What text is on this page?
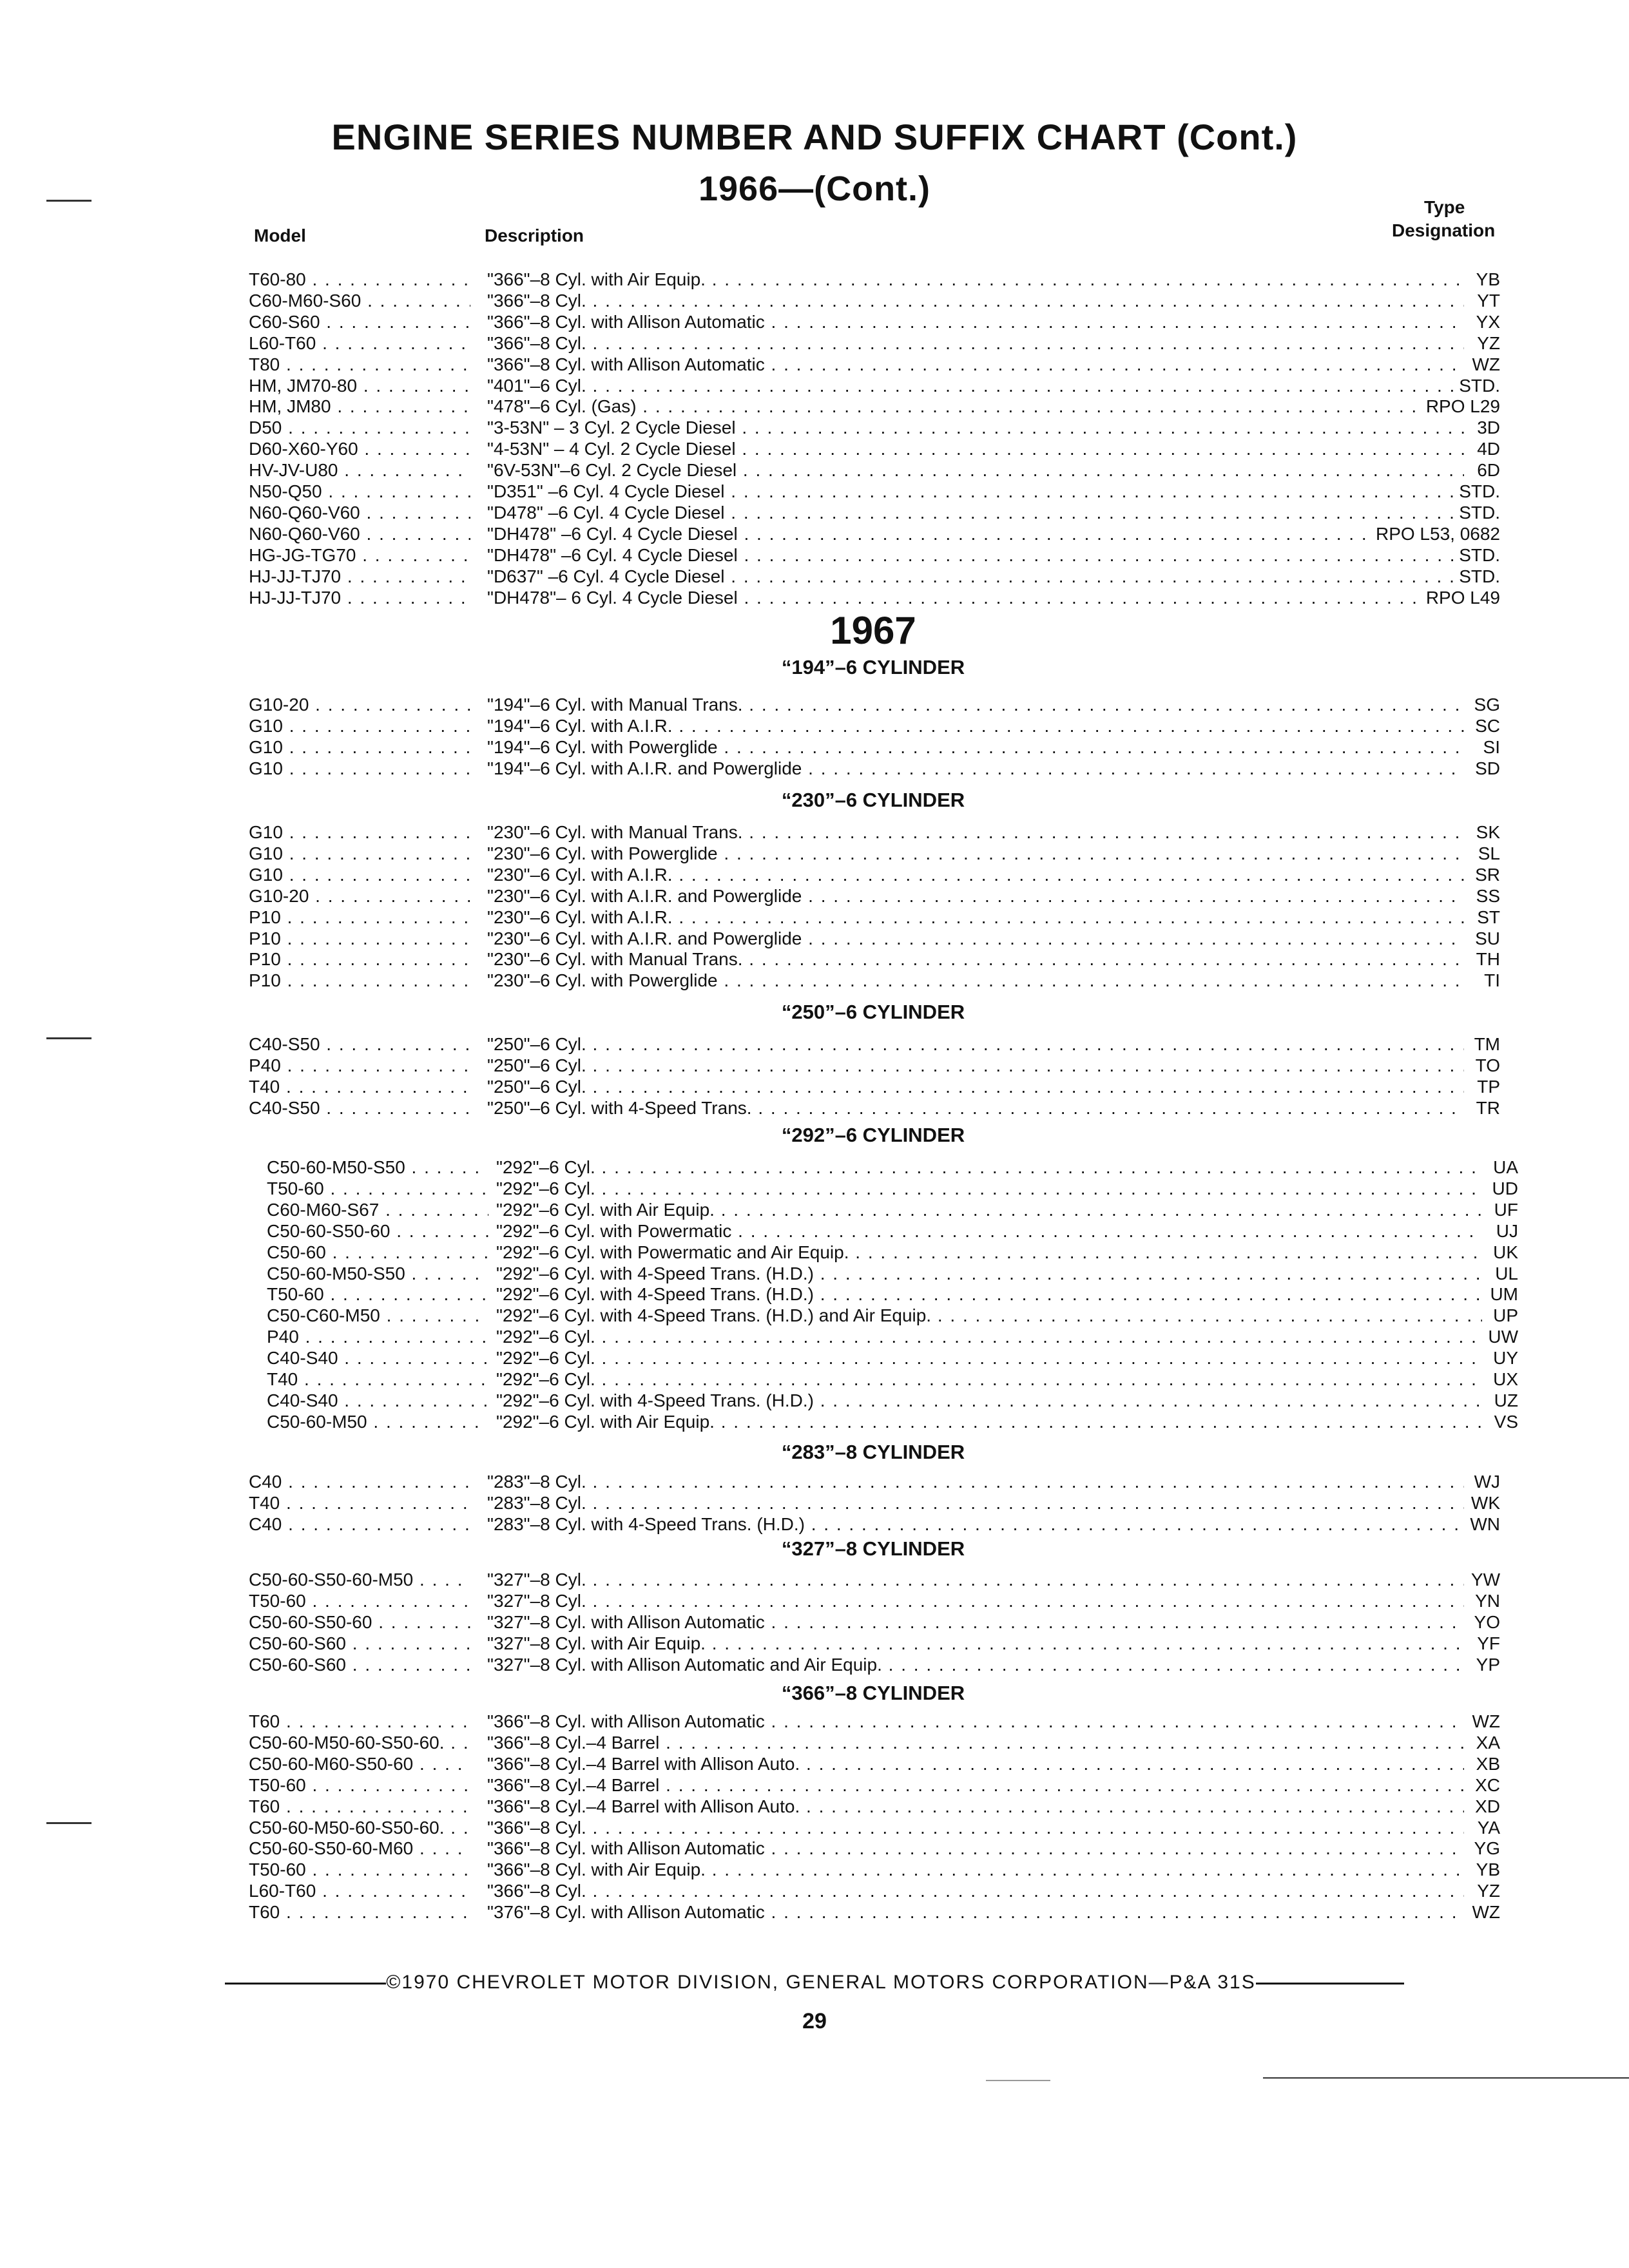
ENGINE SERIES NUMBER AND SUFFIX CHART (Cont.)
1966—(Cont.)
Model	Description
Type
Designation
T60-80 . . .	"366"–8 Cyl. with Air Equip. . . .	YB
C60-M60-S60 . . .	"366"–8 Cyl. . . .	YT
C60-S60 . . .	"366"–8 Cyl. with Allison Automatic . . .	YX
L60-T60 . . .	"366"–8 Cyl. . . .	YZ
T80 . . .	"366"–8 Cyl. with Allison Automatic . . .	WZ
HM, JM70-80 . . .	"401"–6 Cyl. . . .	STD.
HM, JM80 . . .	"478"–6 Cyl. (Gas) . . .	RPO L29
D50 . . .	"3-53N" – 3 Cyl. 2 Cycle Diesel . . .	3D
D60-X60-Y60 . . .	"4-53N" – 4 Cyl. 2 Cycle Diesel . . .	4D
HV-JV-U80 . . .	"6V-53N"–6 Cyl. 2 Cycle Diesel . . .	6D
N50-Q50 . . .	"D351" –6 Cyl. 4 Cycle Diesel . . .	STD.
N60-Q60-V60 . . .	"D478" –6 Cyl. 4 Cycle Diesel . . .	STD.
N60-Q60-V60 . . .	"DH478" –6 Cyl. 4 Cycle Diesel . . .	RPO L53, 0682
HG-JG-TG70 . . .	"DH478" –6 Cyl. 4 Cycle Diesel . . .	STD.
HJ-JJ-TJ70 . . .	"D637" –6 Cyl. 4 Cycle Diesel . . .	STD.
HJ-JJ-TJ70 . . .	"DH478"– 6 Cyl. 4 Cycle Diesel . . .	RPO L49
1967
“194”–6 CYLINDER
G10-20 . . .	"194"–6 Cyl. with Manual Trans. . . .	SG
G10 . . .	"194"–6 Cyl. with A.I.R. . . .	SC
G10 . . .	"194"–6 Cyl. with Powerglide . . .	SI
G10 . . .	"194"–6 Cyl. with A.I.R. and Powerglide . . .	SD
“230”–6 CYLINDER
G10 . . .	"230"–6 Cyl. with Manual Trans. . . .	SK
G10 . . .	"230"–6 Cyl. with Powerglide . . .	SL
G10 . . .	"230"–6 Cyl. with A.I.R. . . .	SR
G10-20 . . .	"230"–6 Cyl. with A.I.R. and Powerglide . . .	SS
P10 . . .	"230"–6 Cyl. with A.I.R. . . .	ST
P10 . . .	"230"–6 Cyl. with A.I.R. and Powerglide . . .	SU
P10 . . .	"230"–6 Cyl. with Manual Trans. . . .	TH
P10 . . .	"230"–6 Cyl. with Powerglide . . .	TI
“250”–6 CYLINDER
C40-S50 . . .	"250"–6 Cyl. . . .	TM
P40 . . .	"250"–6 Cyl. . . .	TO
T40 . . .	"250"–6 Cyl. . . .	TP
C40-S50 . . .	"250"–6 Cyl. with 4-Speed Trans. . . .	TR
“292”–6 CYLINDER
C50-60-M50-S50 . . .	"292"–6 Cyl. . . .	UA
T50-60 . . .	"292"–6 Cyl. . . .	UD
C60-M60-S67 . . .	"292"–6 Cyl. with Air Equip. . . .	UF
C50-60-S50-60 . . .	"292"–6 Cyl. with Powermatic . . .	UJ
C50-60 . . .	"292"–6 Cyl. with Powermatic and Air Equip. . . .	UK
C50-60-M50-S50 . . .	"292"–6 Cyl. with 4-Speed Trans. (H.D.) . . .	UL
T50-60 . . .	"292"–6 Cyl. with 4-Speed Trans. (H.D.) . . .	UM
C50-C60-M50 . . .	"292"–6 Cyl. with 4-Speed Trans. (H.D.) and Air Equip. . . .	UP
P40 . . .	"292"–6 Cyl. . . .	UW
C40-S40 . . .	"292"–6 Cyl. . . .	UY
T40 . . .	"292"–6 Cyl. . . .	UX
C40-S40 . . .	"292"–6 Cyl. with 4-Speed Trans. (H.D.) . . .	UZ
C50-60-M50 . . .	"292"–6 Cyl. with Air Equip. . . .	VS
“283”–8 CYLINDER
C40 . . .	"283"–8 Cyl. . . .	WJ
T40 . . .	"283"–8 Cyl. . . .	WK
C40 . . .	"283"–8 Cyl. with 4-Speed Trans. (H.D.) . . .	WN
“327”–8 CYLINDER
C50-60-S50-60-M50 . . .	"327"–8 Cyl. . . .	YW
T50-60 . . .	"327"–8 Cyl. . . .	YN
C50-60-S50-60 . . .	"327"–8 Cyl. with Allison Automatic . . .	YO
C50-60-S60 . . .	"327"–8 Cyl. with Air Equip. . . .	YF
C50-60-S60 . . .	"327"–8 Cyl. with Allison Automatic and Air Equip. . . .	YP
“366”–8 CYLINDER
T60 . . .	"366"–8 Cyl. with Allison Automatic . . .	WZ
C50-60-M50-60-S50-60. . . .	"366"–8 Cyl.–4 Barrel . . .	XA
C50-60-M60-S50-60 . . .	"366"–8 Cyl.–4 Barrel with Allison Auto. . . .	XB
T50-60 . . .	"366"–8 Cyl.–4 Barrel . . .	XC
T60 . . .	"366"–8 Cyl.–4 Barrel with Allison Auto. . . .	XD
C50-60-M50-60-S50-60. . . .	"366"–8 Cyl. . . .	YA
C50-60-S50-60-M60 . . .	"366"–8 Cyl. with Allison Automatic . . .	YG
T50-60 . . .	"366"–8 Cyl. with Air Equip. . . .	YB
L60-T60 . . .	"366"–8 Cyl. . . .	YZ
T60 . . .	"376"–8 Cyl. with Allison Automatic . . .	WZ
©1970 CHEVROLET MOTOR DIVISION, GENERAL MOTORS CORPORATION—P&A 31S
29
